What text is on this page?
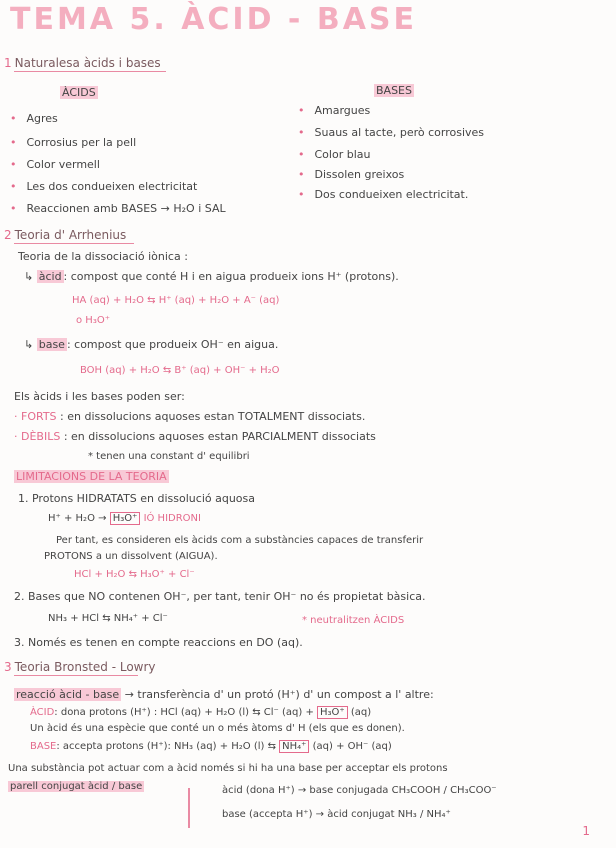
TEMA 5. ÀCID - BASE
1 Naturalesa àcids i bases
ÀCIDS	BASES
• Agres
• Corrosius per la pell
• Color vermell
• Les dos condueixen electricitat
• Reaccionen amb BASES → H₂O i SAL
• Amargues
• Suaus al tacte, però corrosives
• Color blau
• Dissolen greixos
• Dos condueixen electricitat.
2 Teoria d' Arrhenius
Teoria de la dissociació iònica :
↳ àcid : compost que conté H i en aigua produeix ions H⁺ (protons).
HA (aq) + H₂O ⇆ H⁺ (aq) + H₂O + A⁻ (aq)
o H₃O⁺
↳ base : compost que produeix OH⁻ en aigua.
BOH (aq) + H₂O ⇆ B⁺ (aq) + OH⁻ + H₂O
Els àcids i les bases poden ser:
· FORTS : en dissolucions aquoses estan TOTALMENT dissociats.
· DÈBILS : en dissolucions aquoses estan PARCIALMENT dissociats
* tenen una constant d' equilibri
LIMITACIONS DE LA TEORIA
1. Protons HIDRATATS en dissolució aquosa
H⁺ + H₂O → H₃O⁺ IÓ HIDRONI
Per tant, es consideren els àcids com a substàncies capaces de transferir
PROTONS a un dissolvent (AIGUA).
HCl + H₂O ⇆ H₃O⁺ + Cl⁻
2. Bases que NO contenen OH⁻, per tant, tenir OH⁻ no és propietat bàsica.
NH₃ + HCl ⇆ NH₄⁺ + Cl⁻	* neutralitzen ÀCIDS
3. Només es tenen en compte reaccions en DO (aq).
3 Teoria Bronsted - Lowry
reacció àcid - base → transferència d' un protó (H⁺) d' un compost a l' altre:
ÀCID: dona protons (H⁺) : HCl (aq) + H₂O (l) ⇆ Cl⁻ (aq) + H₃O⁺ (aq)
Un àcid és una espècie que conté un o més àtoms d' H (els que es donen).
BASE: accepta protons (H⁺): NH₃ (aq) + H₂O (l) ⇆ NH₄⁺ (aq) + OH⁻ (aq)
Una substància pot actuar com a àcid només si hi ha una base per acceptar els protons
parell conjugat àcid / base	àcid (dona H⁺) → base conjugada CH₃COOH / CH₃COO⁻
base (accepta H⁺) → àcid conjugat NH₃ / NH₄⁺
1
